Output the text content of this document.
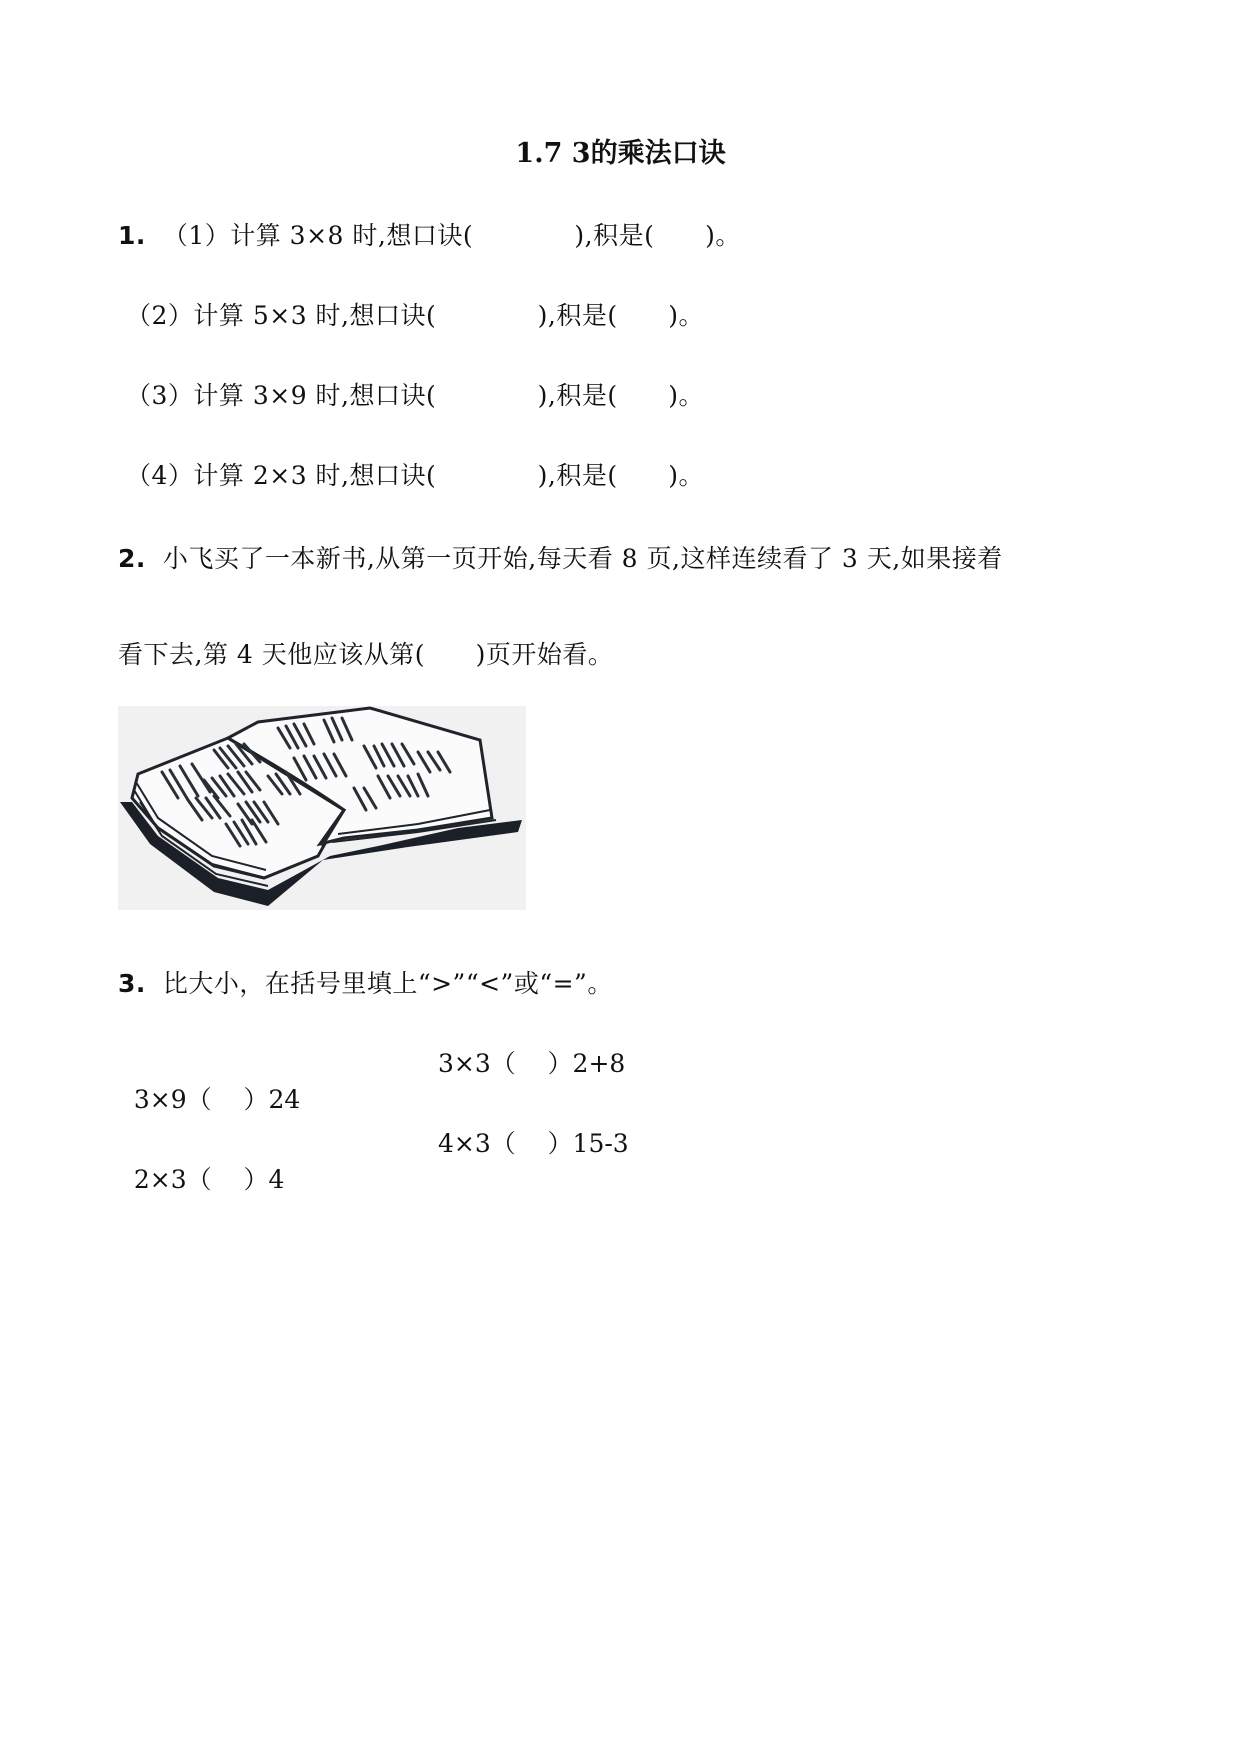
1.7 3的乘法口诀
1. （1）计算 3×8 时,想口诀(            ),积是(      )。
（2）计算 5×3 时,想口诀(            ),积是(      )。
（3）计算 3×9 时,想口诀(            ),积是(      )。
（4）计算 2×3 时,想口诀(            ),积是(      )。
2. 小飞买了一本新书,从第一页开始,每天看 8 页,这样连续看了 3 天,如果接着
看下去,第 4 天他应该从第(      )页开始看。
3. 比大小，在括号里填上“>”“<”或“=”。

3×9（    ）24

3×3（    ）2+8

2×3（    ）4

4×3（    ）15-3
